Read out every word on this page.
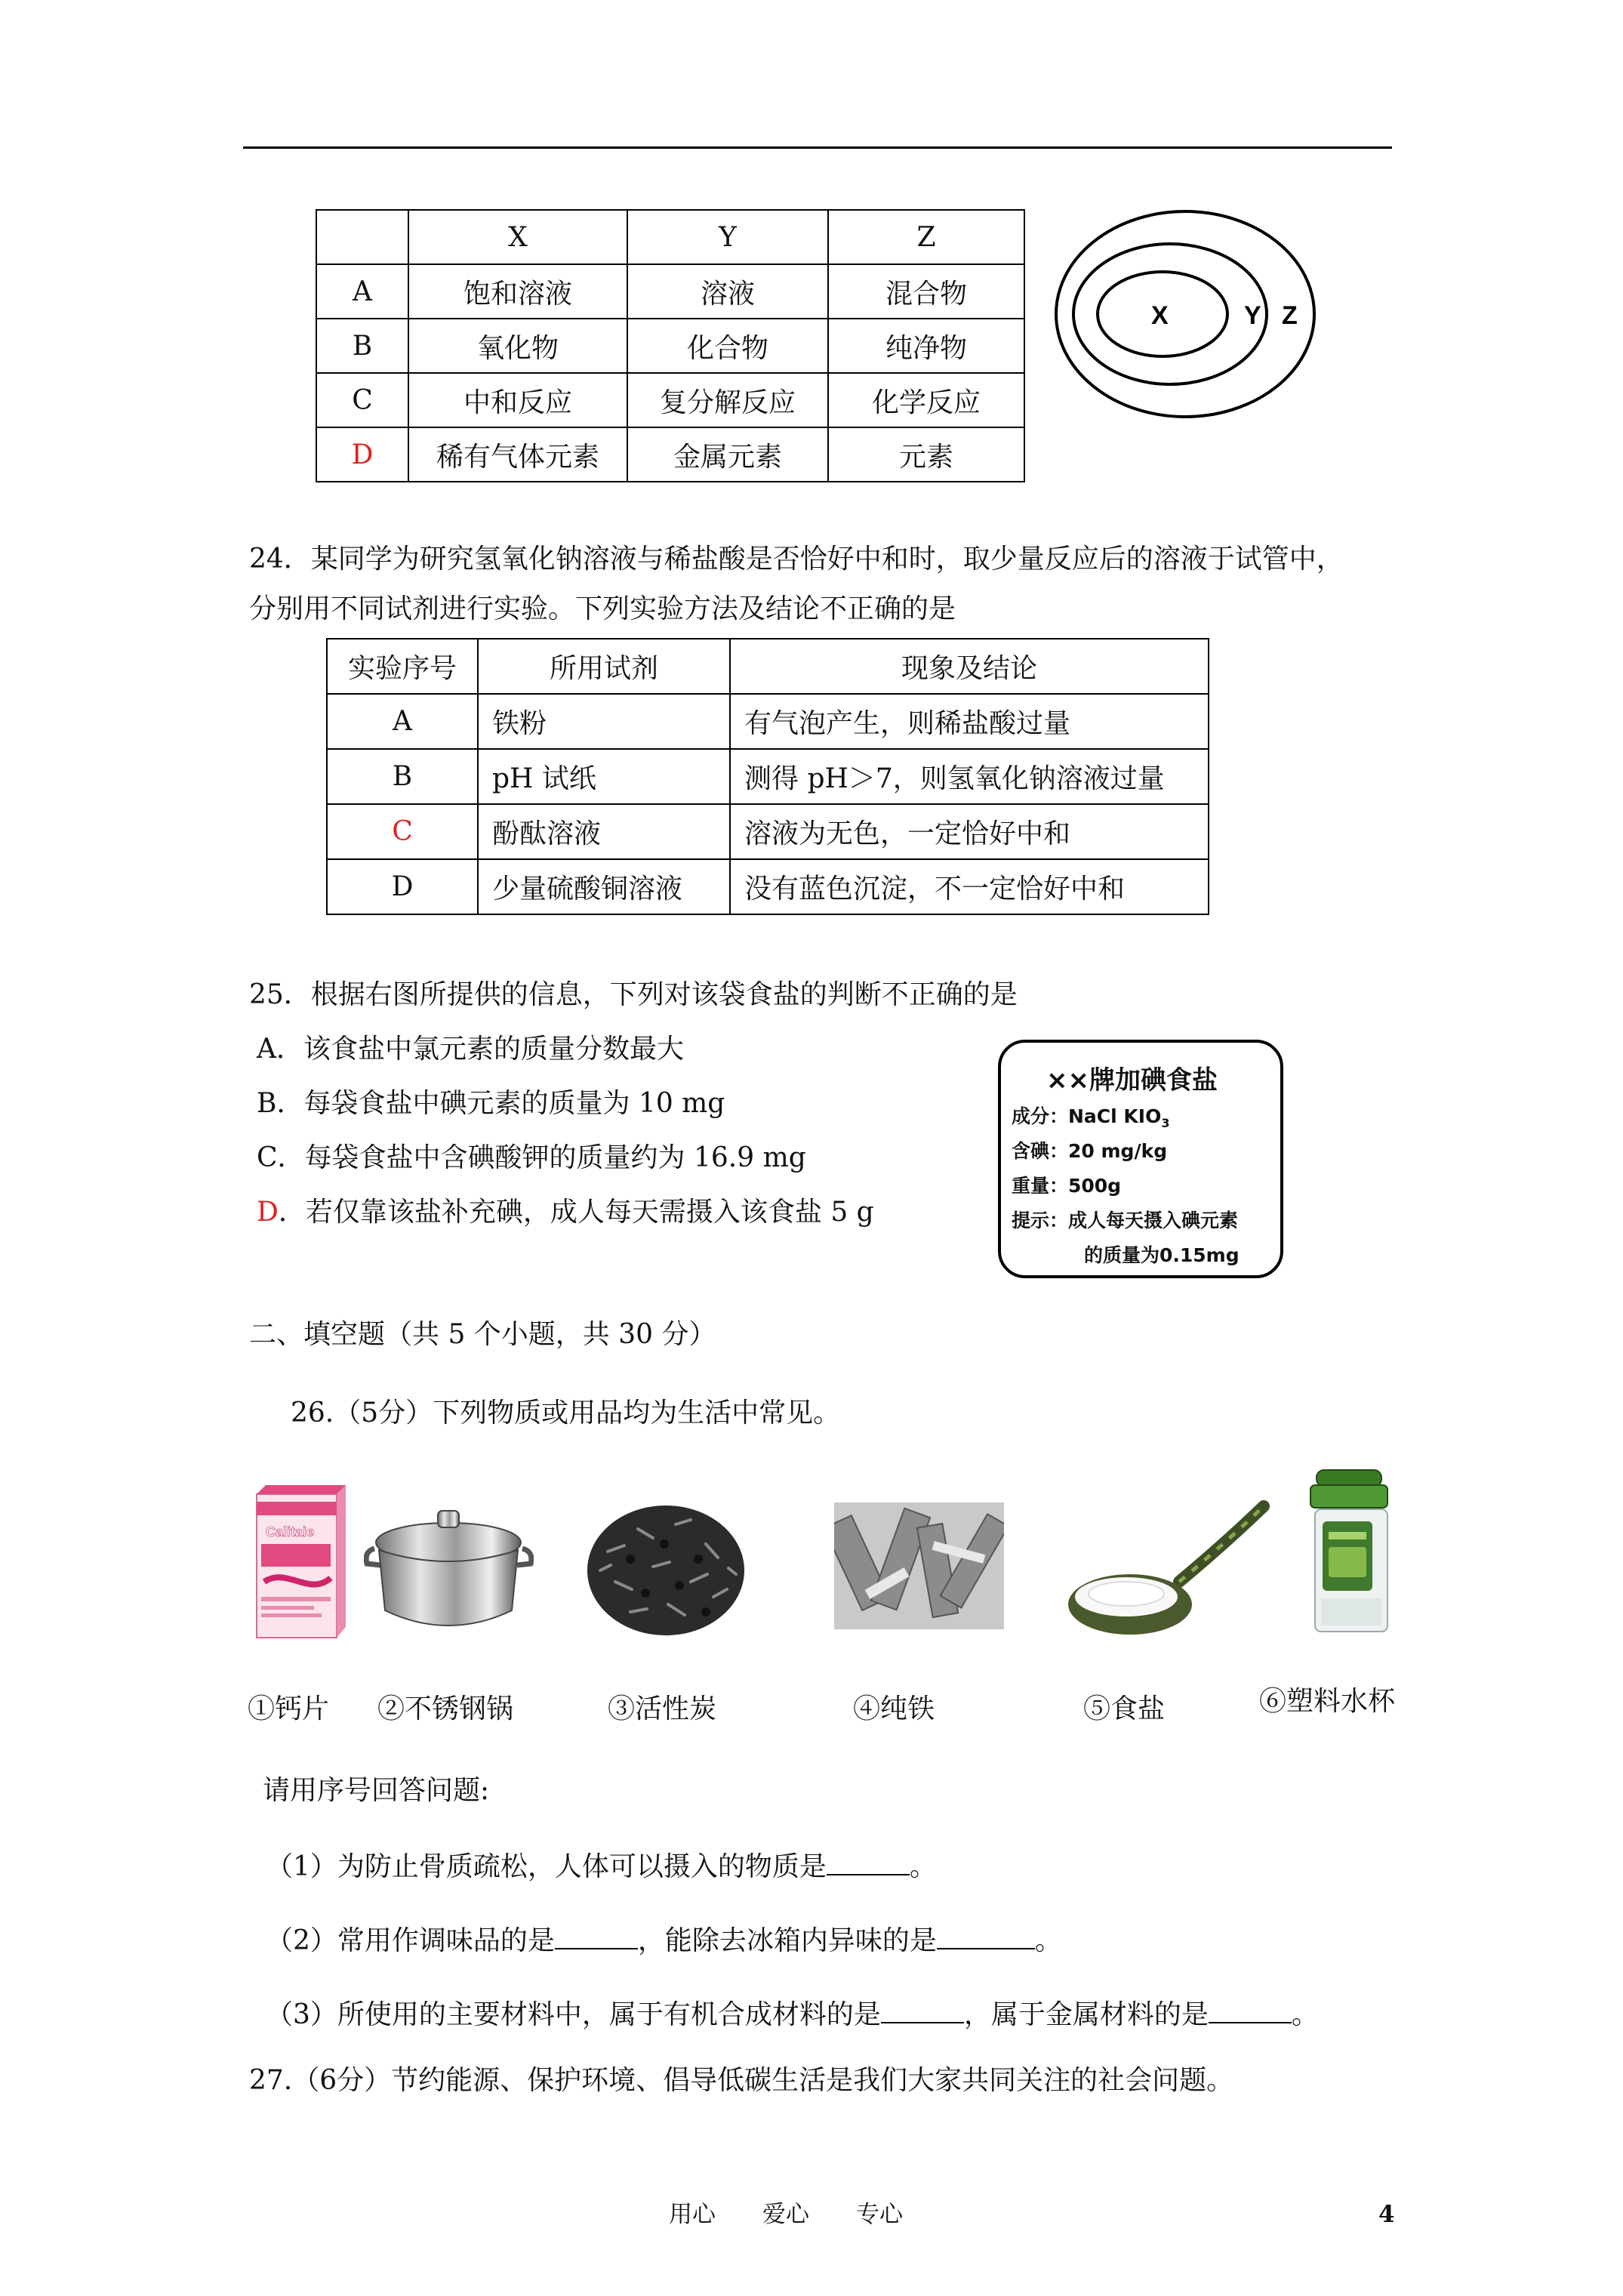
	X	Y	Z
A	饱和溶液	溶液	混合物
B	氧化物	化合物	纯净物
C	中和反应	复分解反应	化学反应
D	稀有气体元素	金属元素	元素
X	Y Z
24．某同学为研究氢氧化钠溶液与稀盐酸是否恰好中和时，取少量反应后的溶液于试管中，
分别用不同试剂进行实验。下列实验方法及结论不正确的是
实验序号	所用试剂	现象及结论
A	铁粉	有气泡产生，则稀盐酸过量
B	pH 试纸	测得 pH＞7，则氢氧化钠溶液过量
C	酚酞溶液	溶液为无色，一定恰好中和
D	少量硫酸铜溶液	没有蓝色沉淀，不一定恰好中和
25．根据右图所提供的信息，下列对该袋食盐的判断不正确的是
A．该食盐中氯元素的质量分数最大
B．每袋食盐中碘元素的质量为 10 mg
C．每袋食盐中含碘酸钾的质量约为 16.9 mg
D．若仅靠该盐补充碘，成人每天需摄入该食盐 5 g
××牌加碘食盐
成分：NaCl $KIO_3$
含碘：20 mg/kg
重量：500g
提示：成人每天摄入碘元素
的质量为0.15mg
二、填空题（共 5 个小题，共 30 分）
26.（5分）下列物质或用品均为生活中常见。
Calitaie
①钙片 ②不锈钢锅	③活性炭	④纯铁	⑤食盐	⑥塑料水杯
请用序号回答问题:
（1）为防止骨质疏松，人体可以摄入的物质是	。
（2）常用作调味品的是	，能除去冰箱内异味的是	。
（3）所使用的主要材料中，属于有机合成材料的是	，属于金属材料的是	。
27.（6分）节约能源、保护环境、倡导低碳生活是我们大家共同关注的社会问题。
用心　　爱心　　专心	4
